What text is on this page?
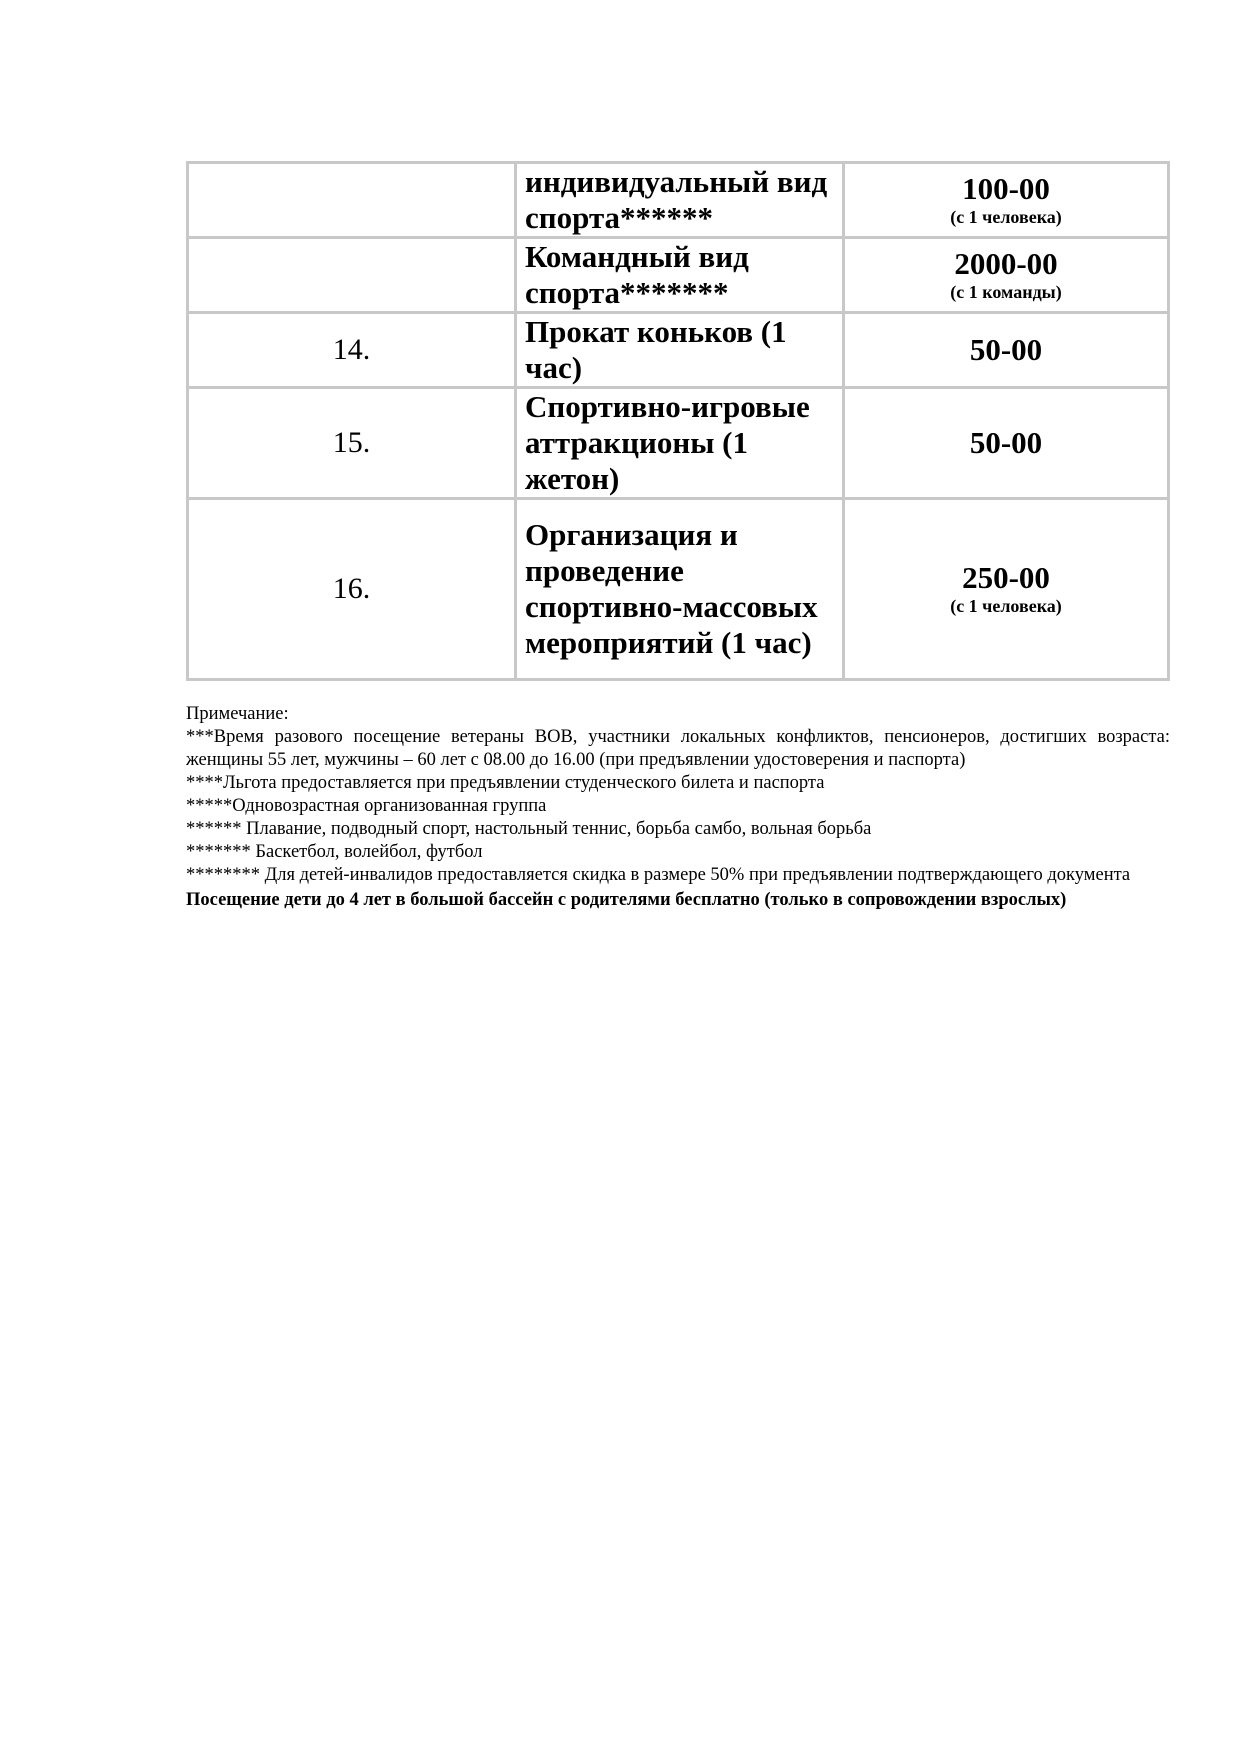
	индивидуальный вид спорта******	100-00
(с 1 человека)

	Командный вид спорта*******	2000-00
(с 1 команды)

14.	Прокат коньков (1 час)	50-00

15.	Спортивно-игровые аттракционы (1 жетон)	50-00

16.	Организация и проведение спортивно-массовых мероприятий (1 час)	250-00
(с 1 человека)

Примечание:

***Время разового посещение ветераны ВОВ, участники локальных конфликтов, пенсионеров, достигших возраста: женщины 55 лет, мужчины – 60 лет с 08.00 до 16.00 (при предъявлении удостоверения и паспорта)

****Льгота предоставляется при предъявлении студенческого билета и паспорта

*****Одновозрастная организованная группа

****** Плавание, подводный спорт, настольный теннис, борьба самбо, вольная борьба

******* Баскетбол, волейбол, футбол

******** Для детей-инвалидов предоставляется скидка в размере 50% при предъявлении подтверждающего документа

Посещение дети до 4 лет в большой бассейн с родителями бесплатно (только в сопровождении взрослых)
